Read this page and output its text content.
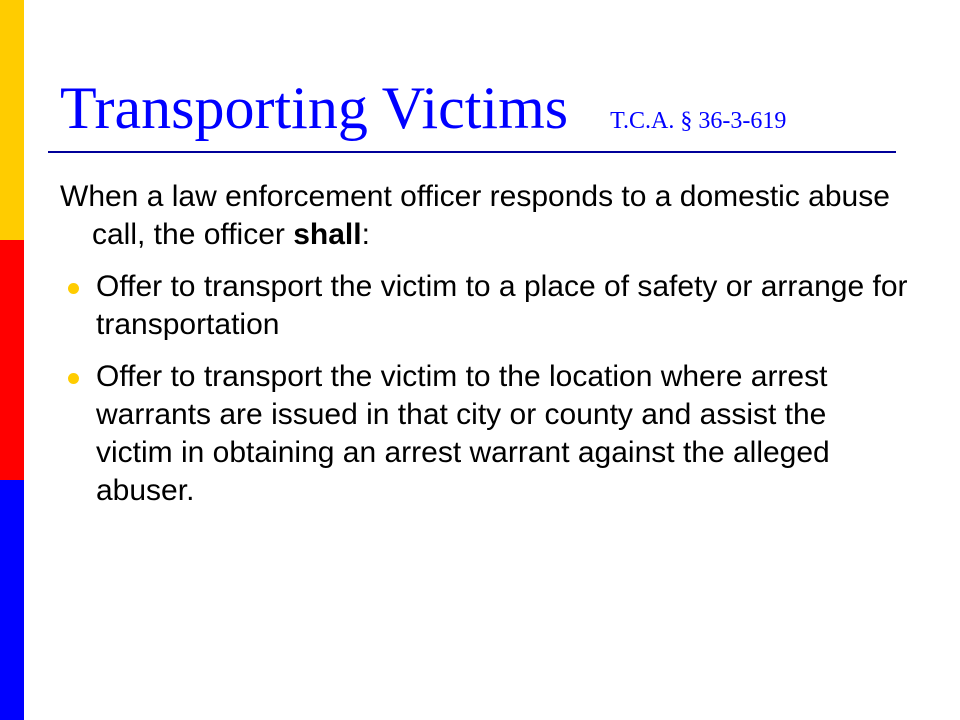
Transporting Victims T.C.A. § 36-3-619

When a law enforcement officer responds to a domestic abuse call, the officer shall:

Offer to transport the victim to a place of safety or arrange for transportation
Offer to transport the victim to the location where arrest warrants are issued in that city or county and assist the victim in obtaining an arrest warrant against the alleged abuser.
